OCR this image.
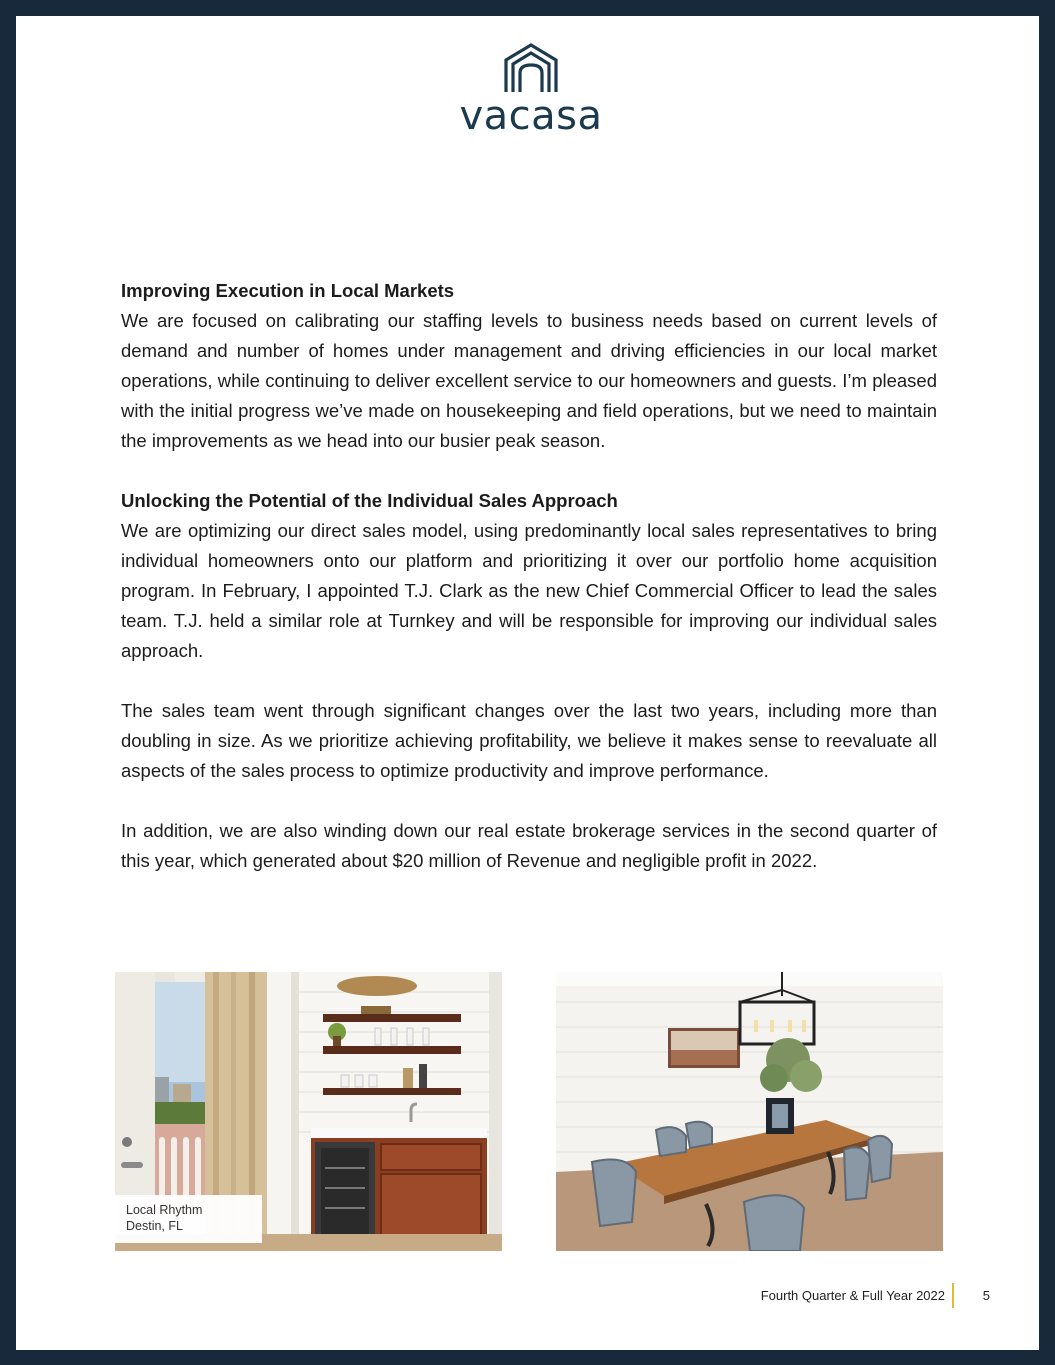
vacasa
Improving Execution in Local Markets

We are focused on calibrating our staffing levels to business needs based on current levels of demand and number of homes under management and driving efficiencies in our local market operations, while continuing to deliver excellent service to our homeowners and guests. I’m pleased with the initial progress we’ve made on housekeeping and field operations, but we need to maintain the improvements as we head into our busier peak season.

Unlocking the Potential of the Individual Sales Approach

We are optimizing our direct sales model, using predominantly local sales representatives to bring individual homeowners onto our platform and prioritizing it over our portfolio home acquisition program. In February, I appointed T.J. Clark as the new Chief Commercial Officer to lead the sales team. T.J. held a similar role at Turnkey and will be responsible for improving our individual sales approach.

The sales team went through significant changes over the last two years, including more than doubling in size. As we prioritize achieving profitability, we believe it makes sense to reevaluate all aspects of the sales process to optimize productivity and improve performance.

In addition, we are also winding down our real estate brokerage services in the second quarter of this year, which generated about $20 million of Revenue and negligible profit in 2022.

Local Rhythm
Destin, FL
Fourth Quarter & Full Year 2022	5
